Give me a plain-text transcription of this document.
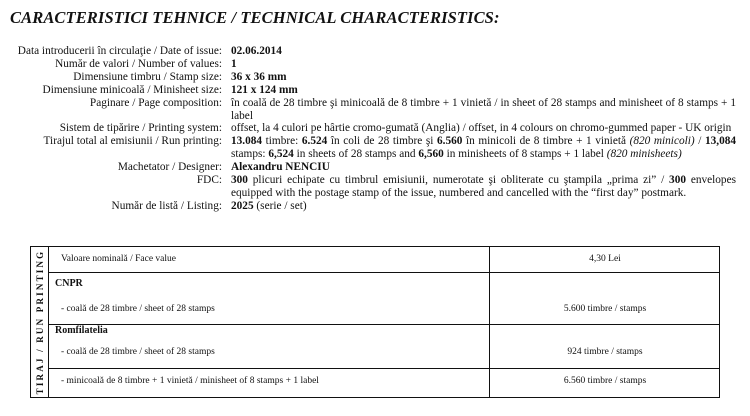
CARACTERISTICI TEHNICE / TECHNICAL CHARACTERISTICS:
Data introducerii în circulaţie / Date of issue: 02.06.2014
Număr de valori / Number of values: 1
Dimensiune timbru / Stamp size: 36 x 36 mm
Dimensiune minicoală / Minisheet size: 121 x 124 mm
Paginare / Page composition: în coală de 28 timbre şi minicoală de 8 timbre + 1 vinietă / in sheet of 28 stamps and minisheet of 8 stamps + 1 label
Sistem de tipărire / Printing system: offset, la 4 culori pe hârtie cromo-gumată (Anglia) / offset, in 4 colours on chromo-gummed paper - UK origin
Tirajul total al emisiunii / Run printing: 13.084 timbre: 6.524 în coli de 28 timbre şi 6.560 în minicoli de 8 timbre + 1 vinietă (820 minicoli) / 13,084 stamps: 6,524 in sheets of 28 stamps and 6,560 in minisheets of 8 stamps + 1 label (820 minisheets)
Machetator / Designer: Alexandru NENCIU
FDC: 300 plicuri echipate cu timbrul emisiunii, numerotate şi obliterate cu ştampila „prima zi” / 300 envelopes equipped with the postage stamp of the issue, numbered and cancelled with the “first day” postmark.
Număr de listă / Listing: 2025 (serie / set)
TIRAJ / RUN PRINTING Valoare nominală / Face value	4,30 Lei
CNPR
- coală de 28 timbre / sheet of 28 stamps	5.600 timbre / stamps
Romfilatelia
- coală de 28 timbre / sheet of 28 stamps	924 timbre / stamps
- minicoală de 8 timbre + 1 vinietă / minisheet of 8 stamps + 1 label	6.560 timbre / stamps
